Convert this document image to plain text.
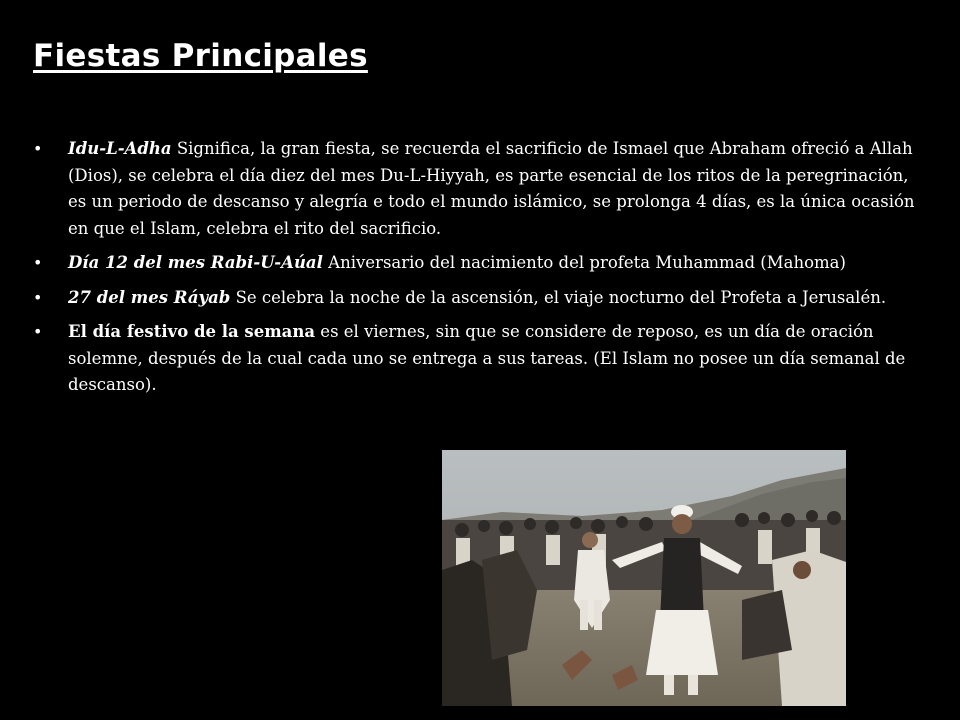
Fiestas Principales
• Idu-L-Adha Significa, la gran fiesta, se recuerda el sacrificio de Ismael que Abraham ofreció a Allah (Dios), se celebra el día diez del mes Du-L-Hiyyah, es parte esencial de los ritos de la peregrinación, es un periodo de descanso y alegría e todo el mundo islámico, se prolonga 4 días, es la única ocasión en que el Islam, celebra el rito del sacrificio.
• Día 12 del mes Rabi-U-Aúal Aniversario del nacimiento del profeta Muhammad (Mahoma)
• 27 del mes Ráyab Se celebra la noche de la ascensión, el viaje nocturno del Profeta a Jerusalén.
• El día festivo de la semana es el viernes, sin que se considere de reposo, es un día de oración solemne, después de la cual cada uno se entrega a sus tareas. (El Islam no posee un día semanal de descanso).
